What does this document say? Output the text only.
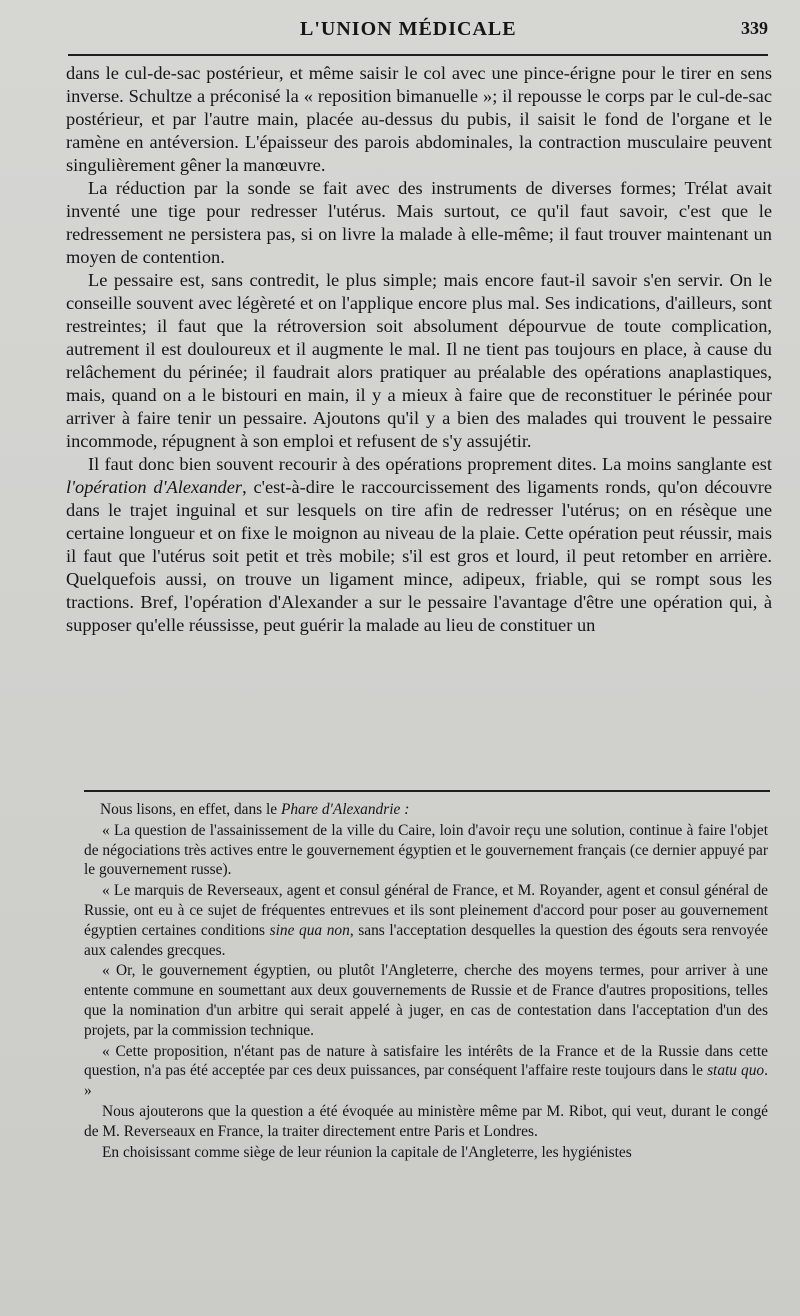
L'UNION MÉDICALE	339

dans le cul-de-sac postérieur, et même saisir le col avec une pince-érigne pour le tirer en sens inverse. Schultze a préconisé la « reposition bimanuelle »; il repousse le corps par le cul-de-sac postérieur, et par l'autre main, placée au-dessus du pubis, il saisit le fond de l'organe et le ramène en antéversion. L'épaisseur des parois abdominales, la contraction musculaire peuvent singulièrement gêner la manœuvre.

La réduction par la sonde se fait avec des instruments de diverses formes; Trélat avait inventé une tige pour redresser l'utérus. Mais surtout, ce qu'il faut savoir, c'est que le redressement ne persistera pas, si on livre la malade à elle-même; il faut trouver maintenant un moyen de contention.

Le pessaire est, sans contredit, le plus simple; mais encore faut-il savoir s'en servir. On le conseille souvent avec légèreté et on l'applique encore plus mal. Ses indications, d'ailleurs, sont restreintes; il faut que la rétroversion soit absolument dépourvue de toute complication, autrement il est douloureux et il augmente le mal. Il ne tient pas toujours en place, à cause du relâchement du périnée; il faudrait alors pratiquer au préalable des opérations anaplastiques, mais, quand on a le bistouri en main, il y a mieux à faire que de reconstituer le périnée pour arriver à faire tenir un pessaire. Ajoutons qu'il y a bien des malades qui trouvent le pessaire incommode, répugnent à son emploi et refusent de s'y assujétir.

Il faut donc bien souvent recourir à des opérations proprement dites. La moins sanglante est l'opération d'Alexander, c'est-à-dire le raccourcissement des ligaments ronds, qu'on découvre dans le trajet inguinal et sur lesquels on tire afin de redresser l'utérus; on en résèque une certaine longueur et on fixe le moignon au niveau de la plaie. Cette opération peut réussir, mais il faut que l'utérus soit petit et très mobile; s'il est gros et lourd, il peut retomber en arrière. Quelquefois aussi, on trouve un ligament mince, adipeux, friable, qui se rompt sous les tractions. Bref, l'opération d'Alexander a sur le pessaire l'avantage d'être une opération qui, à supposer qu'elle réussisse, peut guérir la malade au lieu de constituer un

Nous lisons, en effet, dans le Phare d'Alexandrie :

« La question de l'assainissement de la ville du Caire, loin d'avoir reçu une solution, continue à faire l'objet de négociations très actives entre le gouvernement égyptien et le gouvernement français (ce dernier appuyé par le gouvernement russe).

« Le marquis de Reverseaux, agent et consul général de France, et M. Royander, agent et consul général de Russie, ont eu à ce sujet de fréquentes entrevues et ils sont pleinement d'accord pour poser au gouvernement égyptien certaines conditions sine qua non, sans l'acceptation desquelles la question des égouts sera renvoyée aux calendes grecques.

« Or, le gouvernement égyptien, ou plutôt l'Angleterre, cherche des moyens termes, pour arriver à une entente commune en soumettant aux deux gouvernements de Russie et de France d'autres propositions, telles que la nomination d'un arbitre qui serait appelé à juger, en cas de contestation dans l'acceptation d'un des projets, par la commission technique.

« Cette proposition, n'étant pas de nature à satisfaire les intérêts de la France et de la Russie dans cette question, n'a pas été acceptée par ces deux puissances, par conséquent l'affaire reste toujours dans le statu quo. »

Nous ajouterons que la question a été évoquée au ministère même par M. Ribot, qui veut, durant le congé de M. Reverseaux en France, la traiter directement entre Paris et Londres.

En choisissant comme siège de leur réunion la capitale de l'Angleterre, les hygiénistes
